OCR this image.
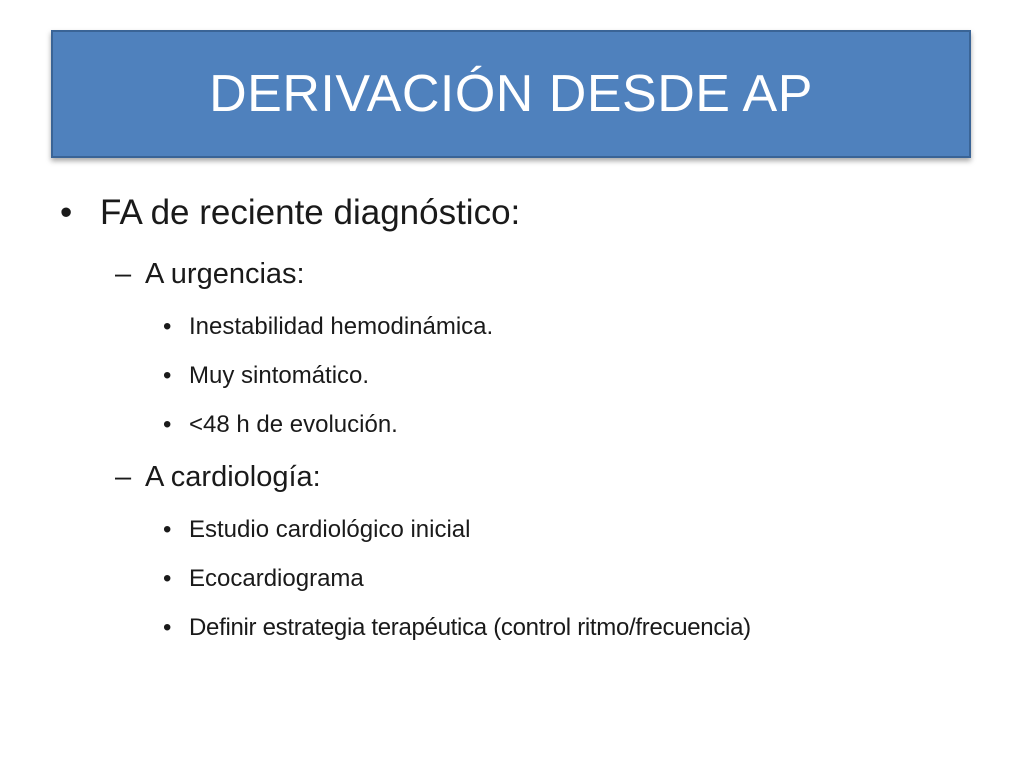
DERIVACIÓN DESDE AP
• FA de reciente diagnóstico:
– A urgencias:
• Inestabilidad hemodinámica.
• Muy sintomático.
• <48 h de evolución.
– A cardiología:
• Estudio cardiológico inicial
• Ecocardiograma
• Definir estrategia terapéutica (control ritmo/frecuencia)
